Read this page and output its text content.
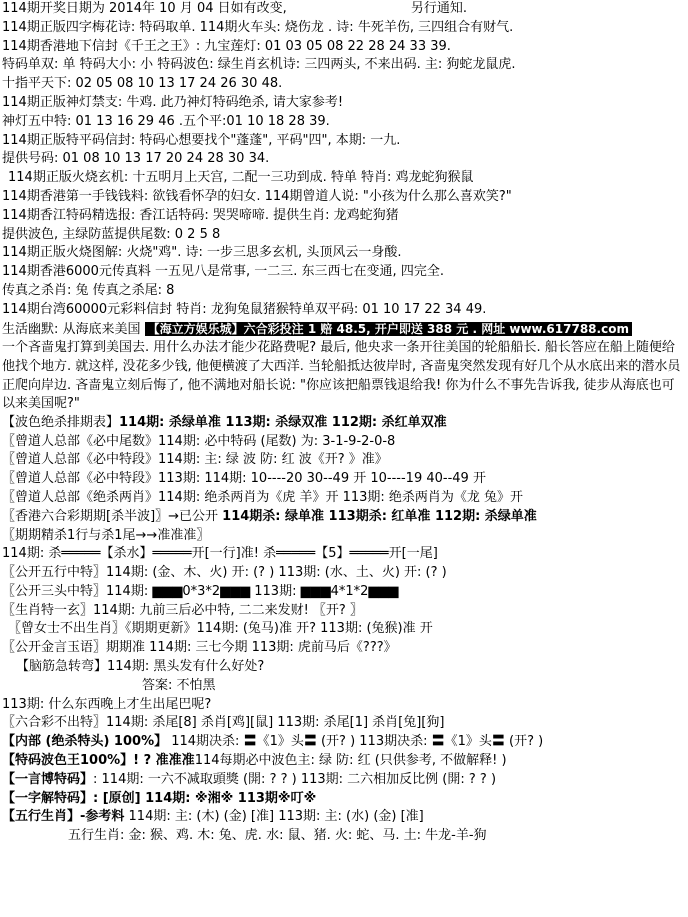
114期开奖日期为 2014年 10 月 04 日如有改变,	另行通知.
114期正版四字梅花诗: 特码取单. 114期火车头: 烧伤龙 . 诗: 牛死羊伤, 三四组合有财气.
114期香港地下信封《千王之王》: 九宝莲灯: 01 03 05 08 22 28 24 33 39.
特码单双: 单 特码大小: 小 特码波色: 绿生肖玄机诗: 三四两头, 不来出码. 主: 狗蛇龙鼠虎.
十指平天下: 02 05 08 10 13 17 24 26 30 48.
114期正版神灯禁支: 牛鸡. 此乃神灯特码绝杀, 请大家参考!
神灯五中特: 01 13 16 29 46 .五个平:01 10 18 28 39.
114期正版特平码信封: 特码心想要找个"蓬蓬", 平码"四", 本期: 一九.
提供号码: 01 08 10 13 17 20 24 28 30 34.
114期正版火烧玄机: 十五明月上天宫, 二配一三功到成. 特单 特肖: 鸡龙蛇狗猴鼠
114期香港第一手钱钱料: 欲钱看怀孕的妇女. 114期曾道人说: "小孩为什么那么喜欢笑?"
114期香江特码精选报: 香江话特码: 哭哭啼啼. 提供生肖: 龙鸡蛇狗猪
提供波色, 主绿防蓝提供尾数: 0 2 5 8
114期正版火烧图解: 火烧"鸡". 诗: 一步三思多玄机, 头顶风云一身酸.
114期香港6000元传真料 一五见八是常事, 一二三. 东三西七在变通, 四完全.
传真之杀肖: 兔 传真之杀尾: 8
114期台湾60000元彩料信封 特肖: 龙狗兔鼠猪猴特单双平码: 01 10 17 22 34 49.
生活幽默: 从海底来美国 【海立方娱乐城】六合彩投注 1 赔 48.5, 开户即送 388 元 . 网址 www.617788.com
一个吝啬鬼打算到美国去. 用什么办法才能少花路费呢? 最后, 他央求一条开往美国的轮船船长. 船长答应在船上随便给他找个地方. 就这样, 没花多少钱, 他便横渡了大西洋. 当轮船抵达彼岸时, 吝啬鬼突然发现有好几个从水底出来的潜水员正爬向岸边. 吝啬鬼立刻后悔了, 他不满地对船长说: "你应该把船票钱退给我! 你为什么不事先告诉我, 徒步从海底也可以来美国呢?"
【波色绝杀排期表】114期: 杀绿单准 113期: 杀绿双准 112期: 杀红单双准
〖曾道人总部《必中尾数》114期: 必中特码 (尾数) 为: 3-1-9-2-0-8
〖曾道人总部《必中特段》114期: 主: 绿 波 防: 红 波《开? 》准》
〖曾道人总部《必中特段》113期: 114期: 10----20 30--49 开 10----19 40--49 开
〖曾道人总部《绝杀两肖》114期: 绝杀两肖为《虎 羊》开 113期: 绝杀两肖为《龙 兔》开
〖香港六合彩期期[杀半波]〗→已公开 114期杀: 绿单准 113期杀: 红单准 112期: 杀绿单准
〖期期精杀1行与杀1尾→→准准准〗
114期: 杀═════【杀水】═════开[一行]准! 杀═════【5】═════开[一尾]
〖公开五行中特〗114期: (金、木、火) 开: (? ) 113期: (水、土、火) 开: (? )
〖公开三头中特〗114期: ▆▆▆0*3*2▆▆▆ 113期: ▆▆▆4*1*2▆▆▆
〖生肖特一玄〗114期: 九前三后必中特, 二二来发财! 〖开? 〗
〖曾女士不出生肖〗《期期更新》114期: (兔马)准 开? 113期: (兔猴)准 开
〖公开金言玉语〗期期准 114期: 三七今期 113期: 虎前马后《???》
【脑筋急转弯】114期: 黑头发有什么好处?
答案: 不怕黑
113期: 什么东西晚上才生出尾巴呢?
〖六合彩不出特〗114期: 杀尾[8] 杀肖[鸡][鼠] 113期: 杀尾[1] 杀肖[兔][狗]
【内部 (绝杀特头) 100%】 114期决杀: 〓《1》头〓 (开? ) 113期决杀: 〓《1》头〓 (开? )
【特码波色王100%】! ? 准准准114每期必中波色主: 绿 防: 红 (只供参考, 不做解释! )
【一言博特码】: 114期: 一六不减取頭獎 (開: ? ? ) 113期: 二六相加反比例 (開: ? ? )
【一字解特码】: [原创] 114期: ※湘※ 113期※叮※
【五行生肖】-参考料 114期: 主: (木) (金) [准] 113期: 主: (水) (金) [准]
五行生肖: 金: 猴、鸡. 木: 兔、虎. 水: 鼠、猪. 火: 蛇、马. 土: 牛龙-羊-狗
